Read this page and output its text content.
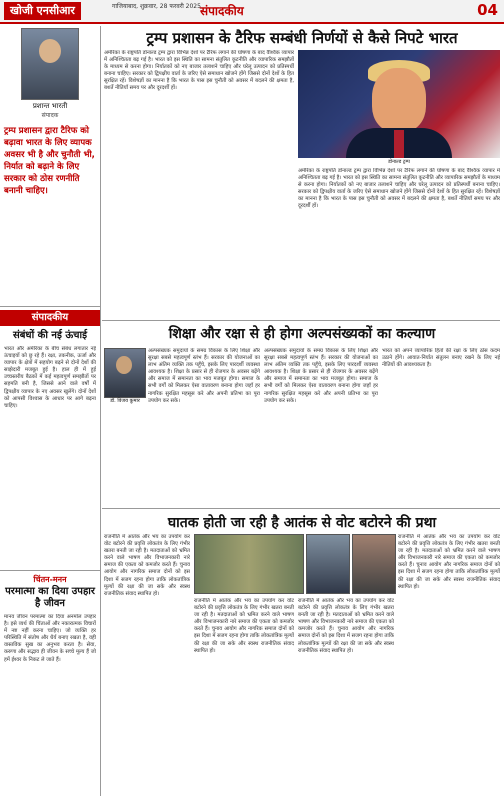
खोजी एनसीआर	गाजियाबाद, शुक्रवार, 28 फरवरी 2025 संपादकीय	04
प्रशान्त भारती
संपादक
ट्रम्प प्रशासन द्वारा टैरिफ को बढ़ावा भारत के लिए व्यापक अवसर भी है और चुनौती भी, निर्यात को बढ़ाने के लिए सरकार को ठोस रणनीति बनानी चाहिए।
ट्रम्प प्रशासन के टैरिफ सम्बंधी निर्णयों से कैसे निपटे भारत
अमेरिका के राष्ट्रपति डोनाल्ड ट्रम्प द्वारा विभिन्न देशों पर टैरिफ लगाने की घोषणा के बाद वैश्विक व्यापार में अनिश्चितता बढ़ गई है। भारत को इस स्थिति का सामना संतुलित कूटनीति और व्यापारिक समझौतों के माध्यम से करना होगा। निर्यातकों को नए बाजार तलाशने चाहिए और घरेलू उत्पादन को प्रतिस्पर्धी बनाना चाहिए। सरकार को द्विपक्षीय वार्ता के जरिए ऐसे समाधान खोजने होंगे जिससे दोनों देशों के हित सुरक्षित रहें। विशेषज्ञों का मानना है कि भारत के पास इस चुनौती को अवसर में बदलने की क्षमता है, बशर्ते नीतियाँ समय पर और दूरदर्शी हों।
डोनाल्ड ट्रम्प
अमेरिका के राष्ट्रपति डोनाल्ड ट्रम्प द्वारा विभिन्न देशों पर टैरिफ लगाने की घोषणा के बाद वैश्विक व्यापार में अनिश्चितता बढ़ गई है। भारत को इस स्थिति का सामना संतुलित कूटनीति और व्यापारिक समझौतों के माध्यम से करना होगा। निर्यातकों को नए बाजार तलाशने चाहिए और घरेलू उत्पादन को प्रतिस्पर्धी बनाना चाहिए। सरकार को द्विपक्षीय वार्ता के जरिए ऐसे समाधान खोजने होंगे जिससे दोनों देशों के हित सुरक्षित रहें। विशेषज्ञों का मानना है कि भारत के पास इस चुनौती को अवसर में बदलने की क्षमता है, बशर्ते नीतियाँ समय पर और दूरदर्शी हों।
संपादकीय
संबंधों की नई ऊंचाई
भारत और अमेरिका के बीच संबंध लगातार नई ऊंचाइयों को छू रहे हैं। रक्षा, तकनीक, ऊर्जा और व्यापार के क्षेत्रों में सहयोग बढ़ने से दोनों देशों की साझेदारी मजबूत हुई है। हाल ही में हुई उच्चस्तरीय बैठकों में कई महत्वपूर्ण समझौतों पर सहमति बनी है, जिससे आने वाले वर्षों में द्विपक्षीय व्यापार के नए अवसर खुलेंगे। दोनों देशों को आपसी विश्वास के आधार पर आगे बढ़ना चाहिए।
शिक्षा और रक्षा से ही होगा अल्पसंख्यकों का कल्याण
डॉ. विजय कुमार
अल्पसंख्यक समुदायों के समग्र विकास के लिए शिक्षा और सुरक्षा सबसे महत्वपूर्ण स्तंभ हैं। सरकार की योजनाओं का लाभ अंतिम व्यक्ति तक पहुँचे, इसके लिए पारदर्शी व्यवस्था आवश्यक है। शिक्षा के प्रसार से ही रोजगार के अवसर बढ़ेंगे और समाज में समानता का भाव मजबूत होगा। समाज के सभी वर्गों को मिलकर ऐसा वातावरण बनाना होगा जहाँ हर नागरिक सुरक्षित महसूस करे और अपनी प्रतिभा का पूरा उपयोग कर सके।
अल्पसंख्यक समुदायों के समग्र विकास के लिए शिक्षा और सुरक्षा सबसे महत्वपूर्ण स्तंभ हैं। सरकार की योजनाओं का लाभ अंतिम व्यक्ति तक पहुँचे, इसके लिए पारदर्शी व्यवस्था आवश्यक है। शिक्षा के प्रसार से ही रोजगार के अवसर बढ़ेंगे और समाज में समानता का भाव मजबूत होगा। समाज के सभी वर्गों को मिलकर ऐसा वातावरण बनाना होगा जहाँ हर नागरिक सुरक्षित महसूस करे और अपनी प्रतिभा का पूरा उपयोग कर सके।
भारत को अपने व्यापारिक हितों की रक्षा के लिए ठोस कदम उठाने होंगे। आयात-निर्यात संतुलन बनाए रखने के लिए नई नीतियों की आवश्यकता है।
चिंतन-मनन
परमात्मा का दिया उपहार है जीवन
मानव जीवन परमात्मा का दिया अनमोल उपहार है। इसे व्यर्थ की चिंताओं और नकारात्मक विचारों में नष्ट नहीं करना चाहिए। जो व्यक्ति हर परिस्थिति में संतोष और धैर्य बनाए रखता है, वही वास्तविक सुख का अनुभव करता है। सेवा, करुणा और सद्भाव ही जीवन के सच्चे मूल्य हैं जो हमें ईश्वर के निकट ले जाते हैं।
घातक होती जा रही है आतंक से वोट बटोरने की प्रथा
राजनीति में आतंक और भय का उपयोग कर वोट बटोरने की प्रवृत्ति लोकतंत्र के लिए गंभीर खतरा बनती जा रही है। मतदाताओं को भ्रमित करने वाले भाषण और विभाजनकारी नारे समाज की एकता को कमजोर करते हैं। चुनाव आयोग और नागरिक समाज दोनों को इस दिशा में सजग रहना होगा ताकि लोकतांत्रिक मूल्यों की रक्षा की जा सके और स्वस्थ राजनीतिक संवाद स्थापित हो।
राजनीति में आतंक और भय का उपयोग कर वोट बटोरने की प्रवृत्ति लोकतंत्र के लिए गंभीर खतरा बनती जा रही है। मतदाताओं को भ्रमित करने वाले भाषण और विभाजनकारी नारे समाज की एकता को कमजोर करते हैं। चुनाव आयोग और नागरिक समाज दोनों को इस दिशा में सजग रहना होगा ताकि लोकतांत्रिक मूल्यों की रक्षा की जा सके और स्वस्थ राजनीतिक संवाद स्थापित हो।
राजनीति में आतंक और भय का उपयोग कर वोट बटोरने की प्रवृत्ति लोकतंत्र के लिए गंभीर खतरा बनती जा रही है। मतदाताओं को भ्रमित करने वाले भाषण और विभाजनकारी नारे समाज की एकता को कमजोर करते हैं। चुनाव आयोग और नागरिक समाज दोनों को इस दिशा में सजग रहना होगा ताकि लोकतांत्रिक मूल्यों की रक्षा की जा सके और स्वस्थ राजनीतिक संवाद स्थापित हो।
राजनीति में आतंक और भय का उपयोग कर वोट बटोरने की प्रवृत्ति लोकतंत्र के लिए गंभीर खतरा बनती जा रही है। मतदाताओं को भ्रमित करने वाले भाषण और विभाजनकारी नारे समाज की एकता को कमजोर करते हैं। चुनाव आयोग और नागरिक समाज दोनों को इस दिशा में सजग रहना होगा ताकि लोकतांत्रिक मूल्यों की रक्षा की जा सके और स्वस्थ राजनीतिक संवाद स्थापित हो।
